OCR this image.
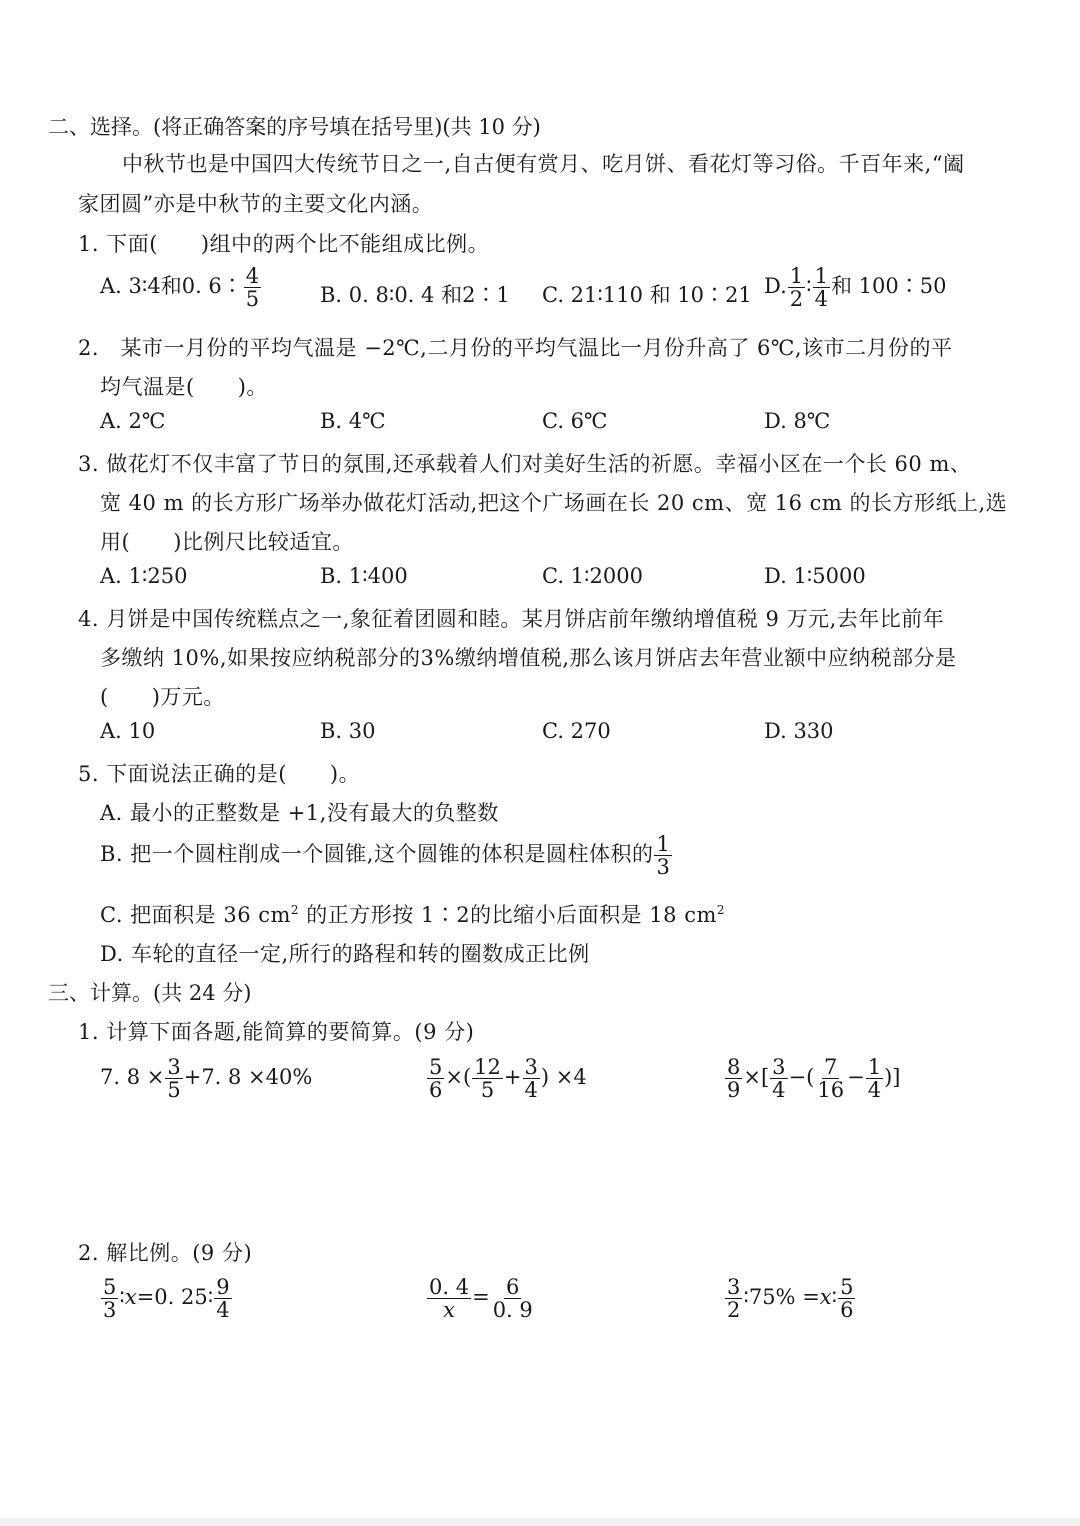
二、选择。(将正确答案的序号填在括号里)(共 10 分)
中秋节也是中国四大传统节日之一,自古便有赏月、吃月饼、看花灯等习俗。千百年来,“阖
家团圆”亦是中秋节的主要文化内涵。
1. 下面(　　)组中的两个比不能组成比例。
A. 3∶4和0. 6∶ $\frac{4}{5}$	B. 0. 8∶0. 4 和2∶1 C. 21∶110 和 10∶21 D. $\frac{1}{2}$ ∶ $\frac{1}{4}$ 和 100∶50
2.　某市一月份的平均气温是 −2℃,二月份的平均气温比一月份升高了 6℃,该市二月份的平
均气温是(　　)。
A. 2℃	B. 4℃	C. 6℃	D. 8℃
3. 做花灯不仅丰富了节日的氛围,还承载着人们对美好生活的祈愿。幸福小区在一个长 60 m、
宽 40 m 的长方形广场举办做花灯活动,把这个广场画在长 20 cm、宽 16 cm 的长方形纸上,选
用(　　)比例尺比较适宜。
A. 1∶250	B. 1∶400	C. 1∶2000	D. 1∶5000
4. 月饼是中国传统糕点之一,象征着团圆和睦。某月饼店前年缴纳增值税 9 万元,去年比前年
多缴纳 10%,如果按应纳税部分的3%缴纳增值税,那么该月饼店去年营业额中应纳税部分是
(　　)万元。
A. 10	B. 30	C. 270	D. 330
5. 下面说法正确的是(　　)。
A. 最小的正整数是 +1,没有最大的负整数
B. 把一个圆柱削成一个圆锥,这个圆锥的体积是圆柱体积的 $\frac{1}{3}$
C. 把面积是 36 $cm^2$ 的正方形按 1∶2的比缩小后面积是 18 $cm^2$
D. 车轮的直径一定,所行的路程和转的圈数成正比例
三、计算。(共 24 分)
1. 计算下面各题,能简算的要简算。(9 分)
7. $8 \times \frac{3}{5} +7$. 8 ×40%	$\frac{5}{6}$ ×( $\frac{12}{5} + \frac{3}{4}$ ) ×4	$\frac{8}{9}$ ×[ $\frac{3}{4}$ −( $\frac{7}{16} - \frac{1}{4}$ )]
2. 解比例。(9 分)
$\frac{5}{3}$ ∶x=0. 25∶ $\frac{9}{4}$	$\frac{0. 4}{x} = \frac{6}{0. 9}$	$\frac{3}{2}$ ∶75% =x∶ $\frac{5}{6}$
